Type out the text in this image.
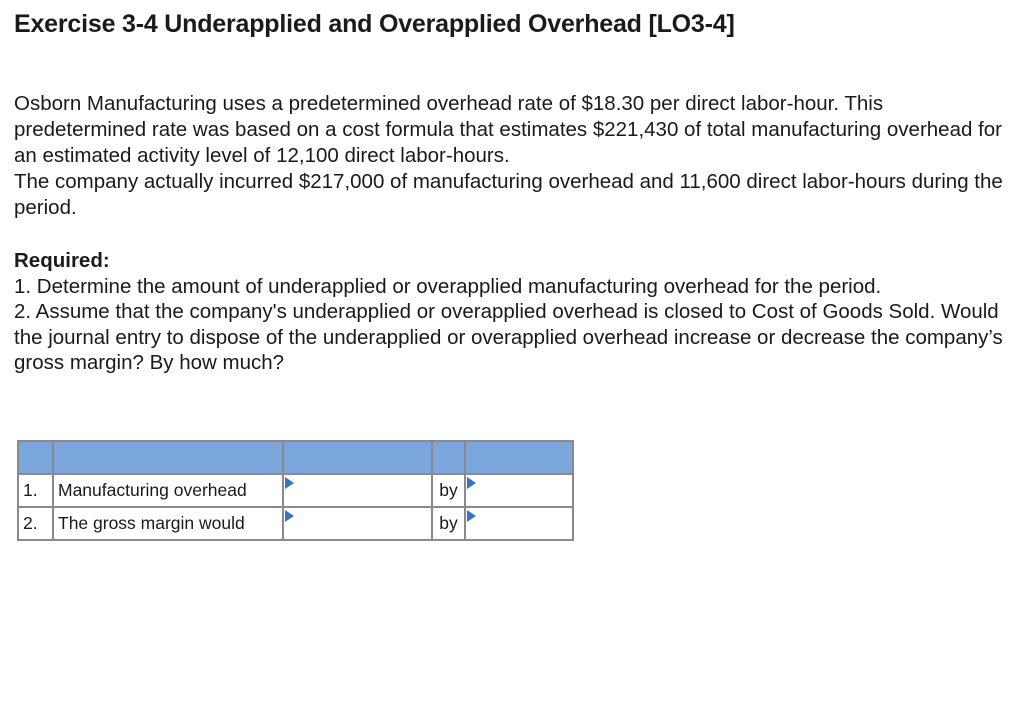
Exercise 3-4 Underapplied and Overapplied Overhead [LO3-4]

Osborn Manufacturing uses a predetermined overhead rate of $18.30 per direct labor-hour. This predetermined rate was based on a cost formula that estimates $221,430 of total manufacturing overhead for an estimated activity level of 12,100 direct labor-hours.

The company actually incurred $217,000 of manufacturing overhead and 11,600 direct labor-hours during the period.

Required:

1. Determine the amount of underapplied or overapplied manufacturing overhead for the period.

2. Assume that the company's underapplied or overapplied overhead is closed to Cost of Goods Sold. Would the journal entry to dispose of the underapplied or overapplied overhead increase or decrease the company’s gross margin? By how much?

1.	Manufacturing overhead		by	

2.	The gross margin would		by	
